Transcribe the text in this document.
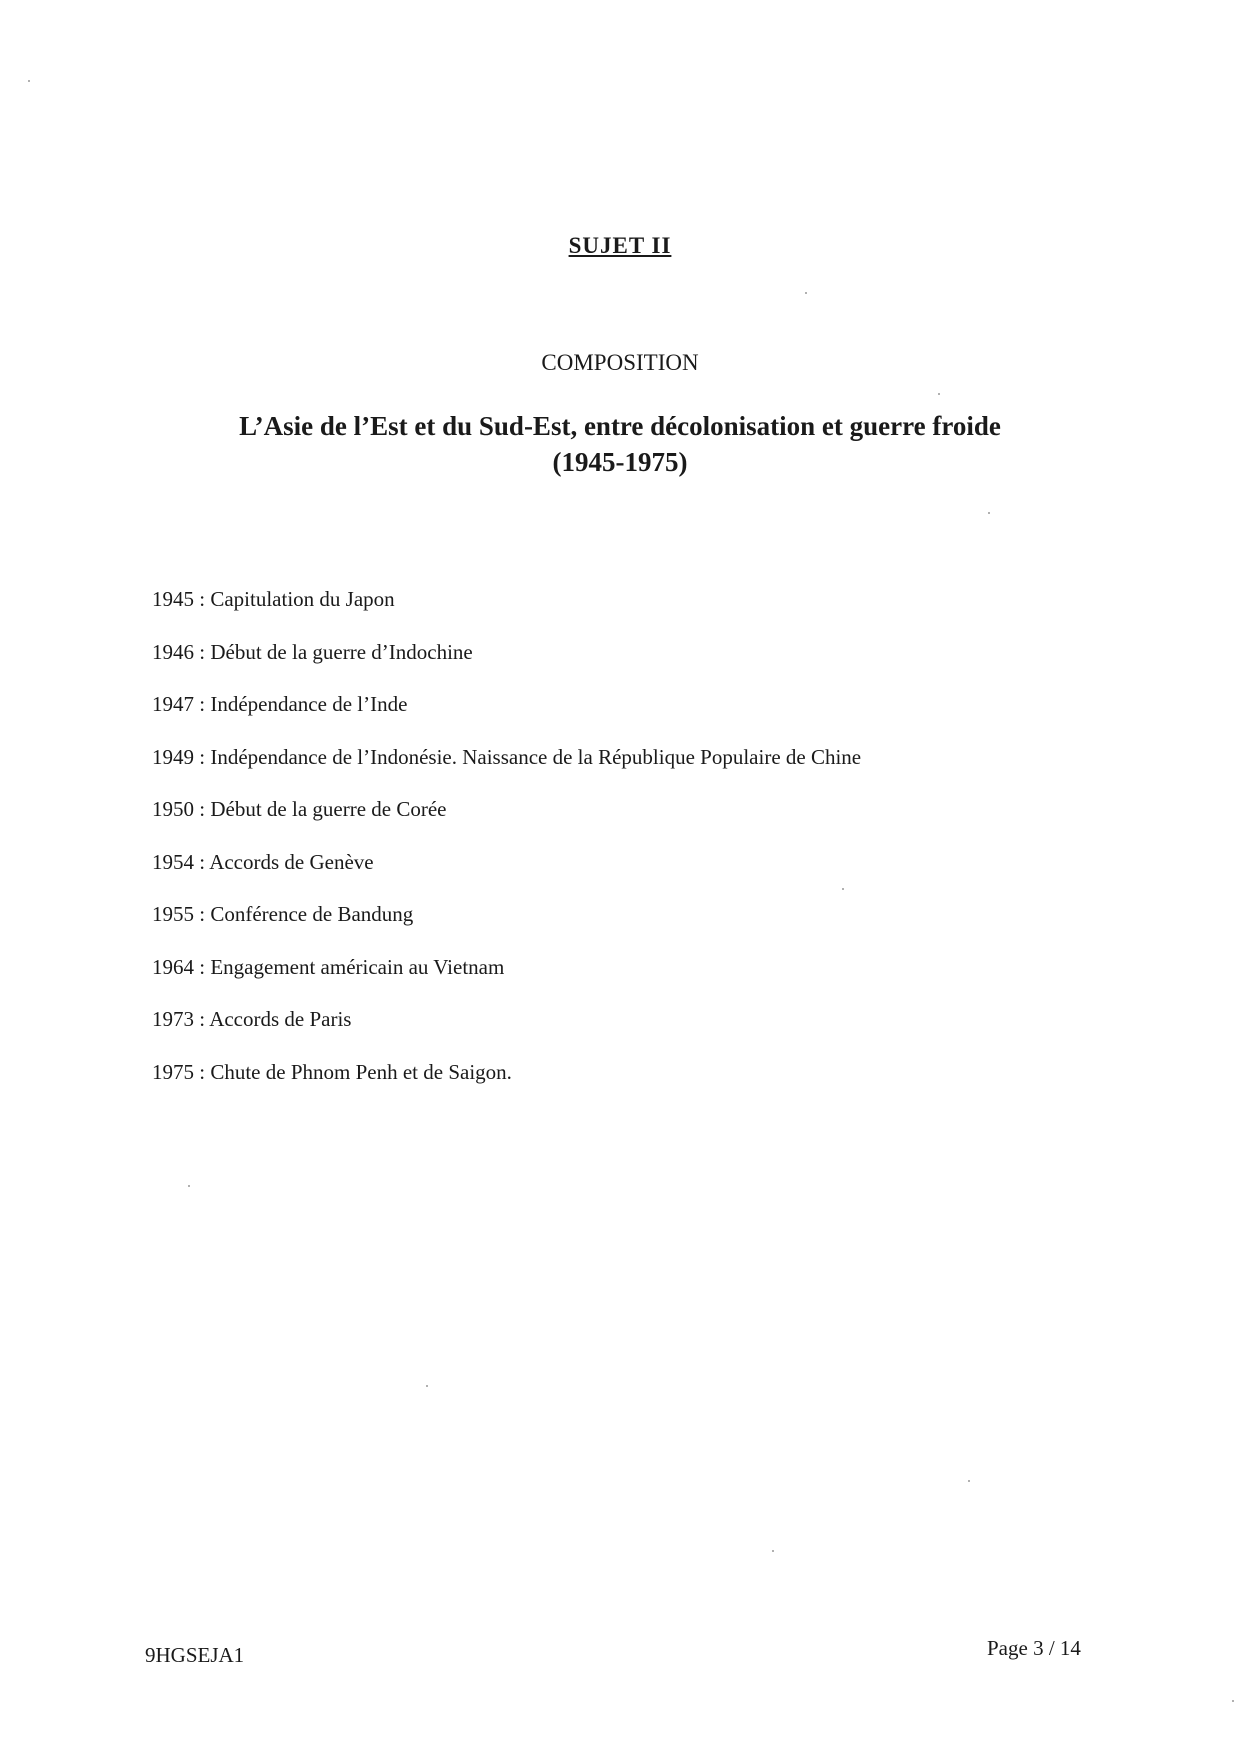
SUJET II
COMPOSITION
L’Asie de l’Est et du Sud-Est, entre décolonisation et guerre froide
(1945-1975)
1945 : Capitulation du Japon
1946 : Début de la guerre d’Indochine
1947 : Indépendance de l’Inde
1949 : Indépendance de l’Indonésie. Naissance de la République Populaire de Chine
1950 : Début de la guerre de Corée
1954 : Accords de Genève
1955 : Conférence de Bandung
1964 : Engagement américain au Vietnam
1973 : Accords de Paris
1975 : Chute de Phnom Penh et de Saigon.
9HGSEJA1	Page 3 / 14
